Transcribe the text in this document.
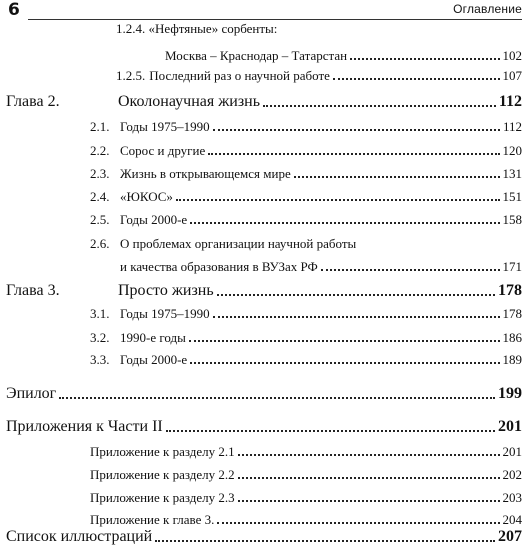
6	Оглавление
1.2.4. «Нефтяные» сорбенты:
Москва – Краснодар – Татарстан	102
1.2.5. Последний раз о научной работе	107
Глава 2.	Околонаучная жизнь	112
2.1. Годы 1975–1990	112
2.2. Сорос и другие	120
2.3. Жизнь в открывающемся мире	131
2.4. «ЮКОС»	151
2.5. Годы 2000-е	158
2.6. О проблемах организации научной работы
и качества образования в ВУЗах РФ	171
Глава 3.	Просто жизнь	178
3.1. Годы 1975–1990	178
3.2. 1990-е годы	186
3.3. Годы 2000-е	189
Эпилог	199
Приложения к Части II	201
Приложение к разделу 2.1	201
Приложение к разделу 2.2	202
Приложение к разделу 2.3	203
Приложение к главе 3.	204
Список иллюстраций	207
